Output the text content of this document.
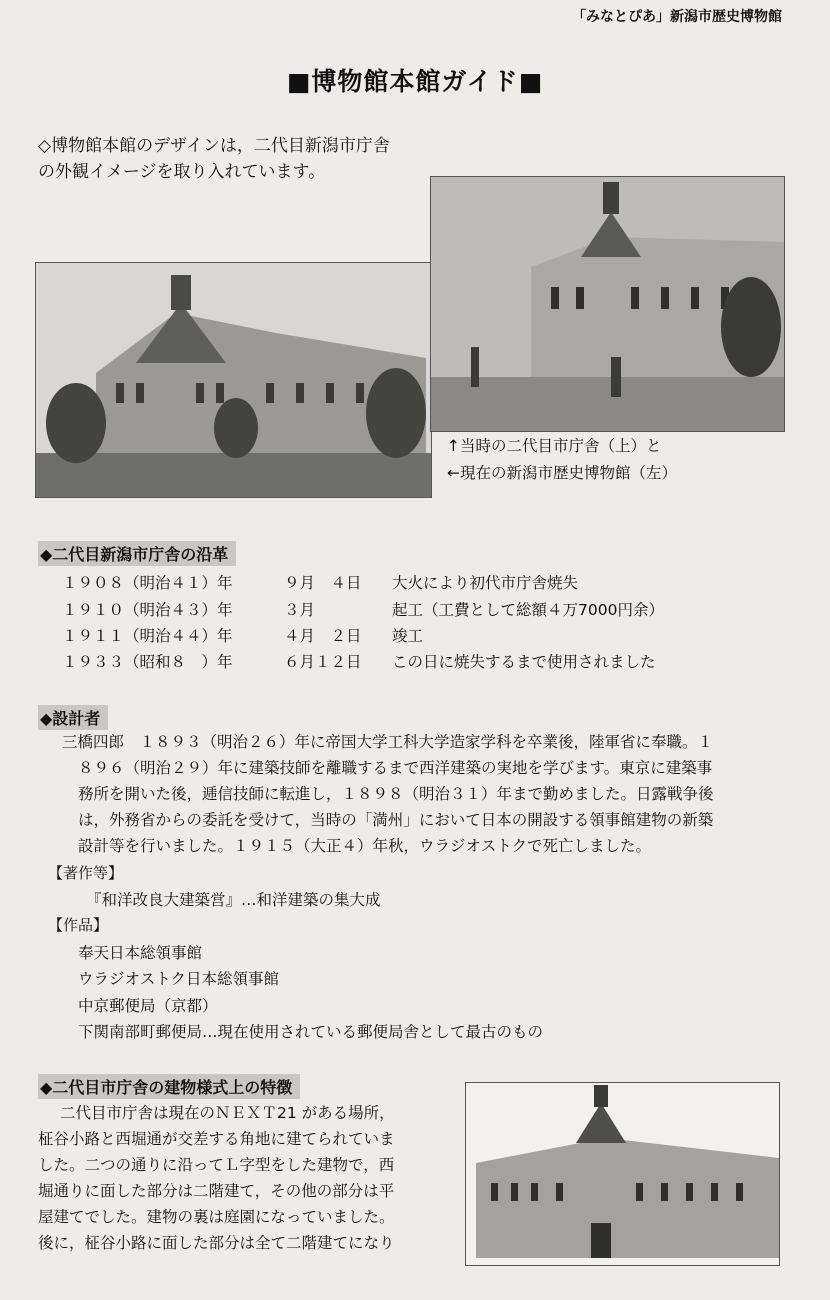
「みなとぴあ」新潟市歴史博物館
■博物館本館ガイド■
◇博物館本館のデザインは，二代目新潟市庁舎
の外観イメージを取り入れています。
↑当時の二代目市庁舎（上）と
←現在の新潟市歴史博物館（左）
◆二代目新潟市庁舎の沿革
１９０８（明治４１）年	９月　４日 大火により初代市庁舎焼失
１９１０（明治４３）年	３月	起工（工費として総額４万7000円余）
１９１１（明治４４）年	４月　２日 竣工
１９３３（昭和８　）年	６月１２日 この日に焼失するまで使用されました
◆設計者
三橋四郎　１８９３（明治２６）年に帝国大学工科大学造家学科を卒業後，陸軍省に奉職。１
８９６（明治２９）年に建築技師を離職するまで西洋建築の実地を学びます。東京に建築事
務所を開いた後，逓信技師に転進し，１８９８（明治３１）年まで勤めました。日露戦争後
は，外務省からの委託を受けて，当時の「満州」において日本の開設する領事館建物の新築
設計等を行いました。１９１５（大正４）年秋，ウラジオストクで死亡しました。
【著作等】
『和洋改良大建築営』…和洋建築の集大成
【作品】
奉天日本総領事館
ウラジオストク日本総領事館
中京郵便局（京都）
下関南部町郵便局…現在使用されている郵便局舎として最古のもの
◆二代目市庁舎の建物様式上の特徴
二代目市庁舎は現在のＮＥＸＴ21 がある場所，
柾谷小路と西堀通が交差する角地に建てられていま
した。二つの通りに沿ってＬ字型をした建物で，西
堀通りに面した部分は二階建て，その他の部分は平
屋建てでした。建物の裏は庭園になっていました。
後に，柾谷小路に面した部分は全て二階建てになり
